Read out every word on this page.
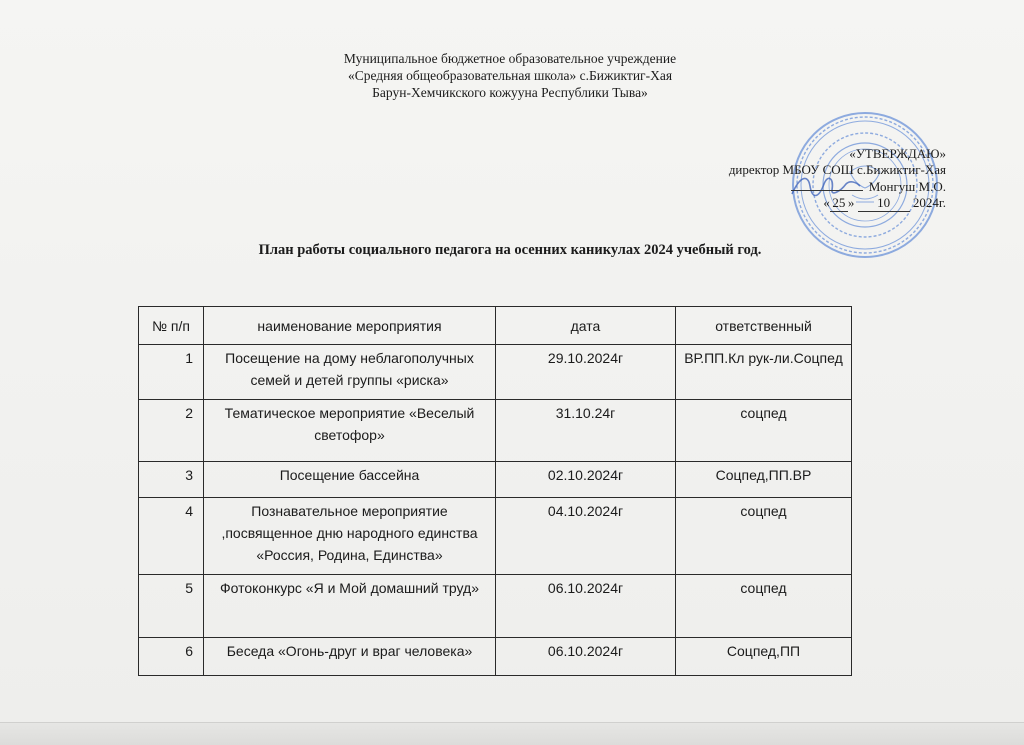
Муниципальное бюджетное образовательное учреждение
«Средняя общеобразовательная школа» с.Бижиктиг-Хая
Барун-Хемчикского кожууна Республики Тыва»
«УТВЕРЖДАЮ»
директор МБОУ СОШ с.Бижиктиг-Хая
Монгуш М.О.
« 25 » 10 2024г.
План работы социального педагога на осенних каникулах 2024 учебный год.
№ п/п	наименование мероприятия	дата	ответственный
1	Посещение на дому неблагополучных семей и детей группы «риска»	29.10.2024г	ВР.ПП.Кл рук-ли.Соцпед
2	Тематическое мероприятие «Веселый светофор»	31.10.24г	соцпед
3	Посещение бассейна	02.10.2024г	Соцпед,ПП.ВР
4	Познавательное мероприятие ,посвященное дню народного единства «Россия, Родина, Единства»	04.10.2024г	соцпед
5	Фотоконкурс «Я и Мой домашний труд»	06.10.2024г	соцпед
6	Беседа «Огонь-друг и враг человека»	06.10.2024г	Соцпед,ПП
